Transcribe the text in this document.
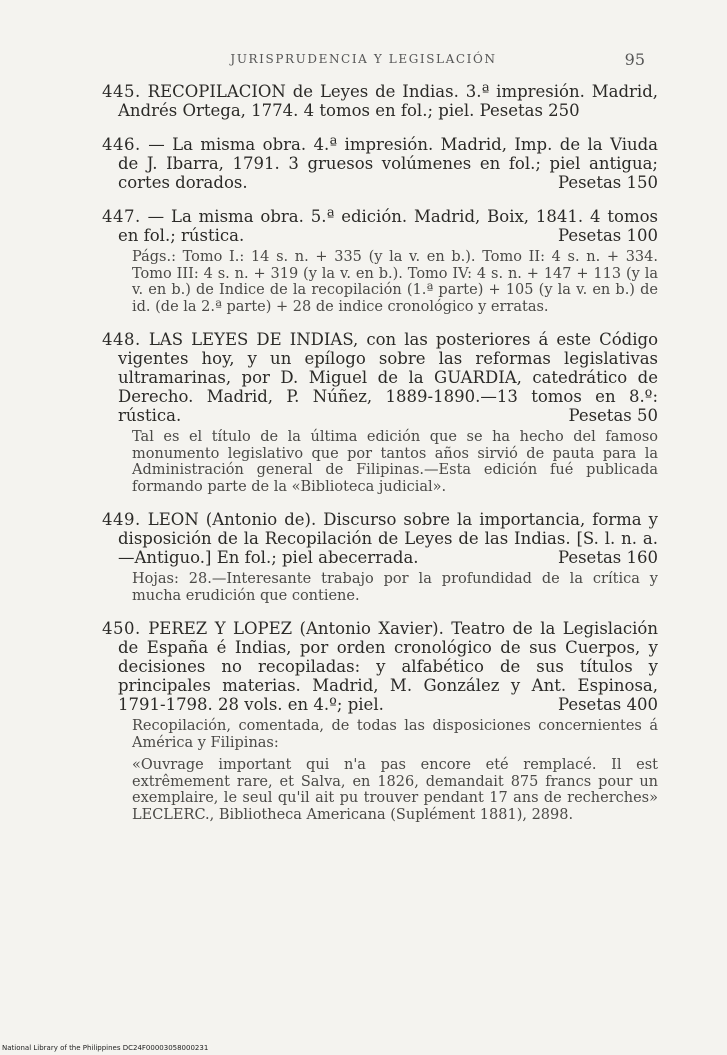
JURISPRUDENCIA Y LEGISLACIÓN	95
445. RECOPILACION de Leyes de Indias. 3.ª impresión. Madrid, Andrés Ortega, 1774. 4 tomos en fol.; piel. Pesetas 250
446. — La misma obra. 4.ª impresión. Madrid, Imp. de la Viuda de J. Ibarra, 1791. 3 gruesos volúmenes en fol.; piel antigua; cortes dorados.	Pesetas 150
447. — La misma obra. 5.ª edición. Madrid, Boix, 1841. 4 tomos en fol.; rústica.	Pesetas 100
Págs.: Tomo I.: 14 s. n. + 335 (y la v. en b.). Tomo II: 4 s. n. + 334. Tomo III: 4 s. n. + 319 (y la v. en b.). Tomo IV: 4 s. n. + 147 + 113 (y la v. en b.) de Indice de la recopilación (1.ª parte) + 105 (y la v. en b.) de id. (de la 2.ª parte) + 28 de indice cronológico y erratas.
448. LAS LEYES DE INDIAS, con las posteriores á este Código vigentes hoy, y un epílogo sobre las reformas legislativas ultramarinas, por D. Miguel de la GUARDIA, catedrático de Derecho. Madrid, P. Núñez, 1889-1890.—13 tomos en 8.º: rústica.	Pesetas 50
Tal es el título de la última edición que se ha hecho del famoso monumento legislativo que por tantos años sirvió de pauta para la Administración general de Filipinas.—Esta edición fué publicada formando parte de la «Biblioteca judicial».
449. LEON (Antonio de). Discurso sobre la importancia, forma y disposición de la Recopilación de Leyes de las Indias. [S. l. n. a.—Antiguo.] En fol.; piel abecerrada.	Pesetas 160
Hojas: 28.—Interesante trabajo por la profundidad de la crítica y mucha erudición que contiene.
450. PEREZ Y LOPEZ (Antonio Xavier). Teatro de la Legislación de España é Indias, por orden cronológico de sus Cuerpos, y decisiones no recopiladas: y alfabético de sus títulos y principales materias. Madrid, M. González y Ant. Espinosa, 1791-1798. 28 vols. en 4.º; piel.	Pesetas 400
Recopilación, comentada, de todas las disposiciones concernientes á América y Filipinas:
«Ouvrage important qui n'a pas encore eté remplacé. Il est extrêmement rare, et Salva, en 1826, demandait 875 francs pour un exemplaire, le seul qu'il ait pu trouver pendant 17 ans de recherches» LECLERC., Bibliotheca Americana (Suplément 1881), 2898.
National Library of the Philippines DC24F00003058000231
